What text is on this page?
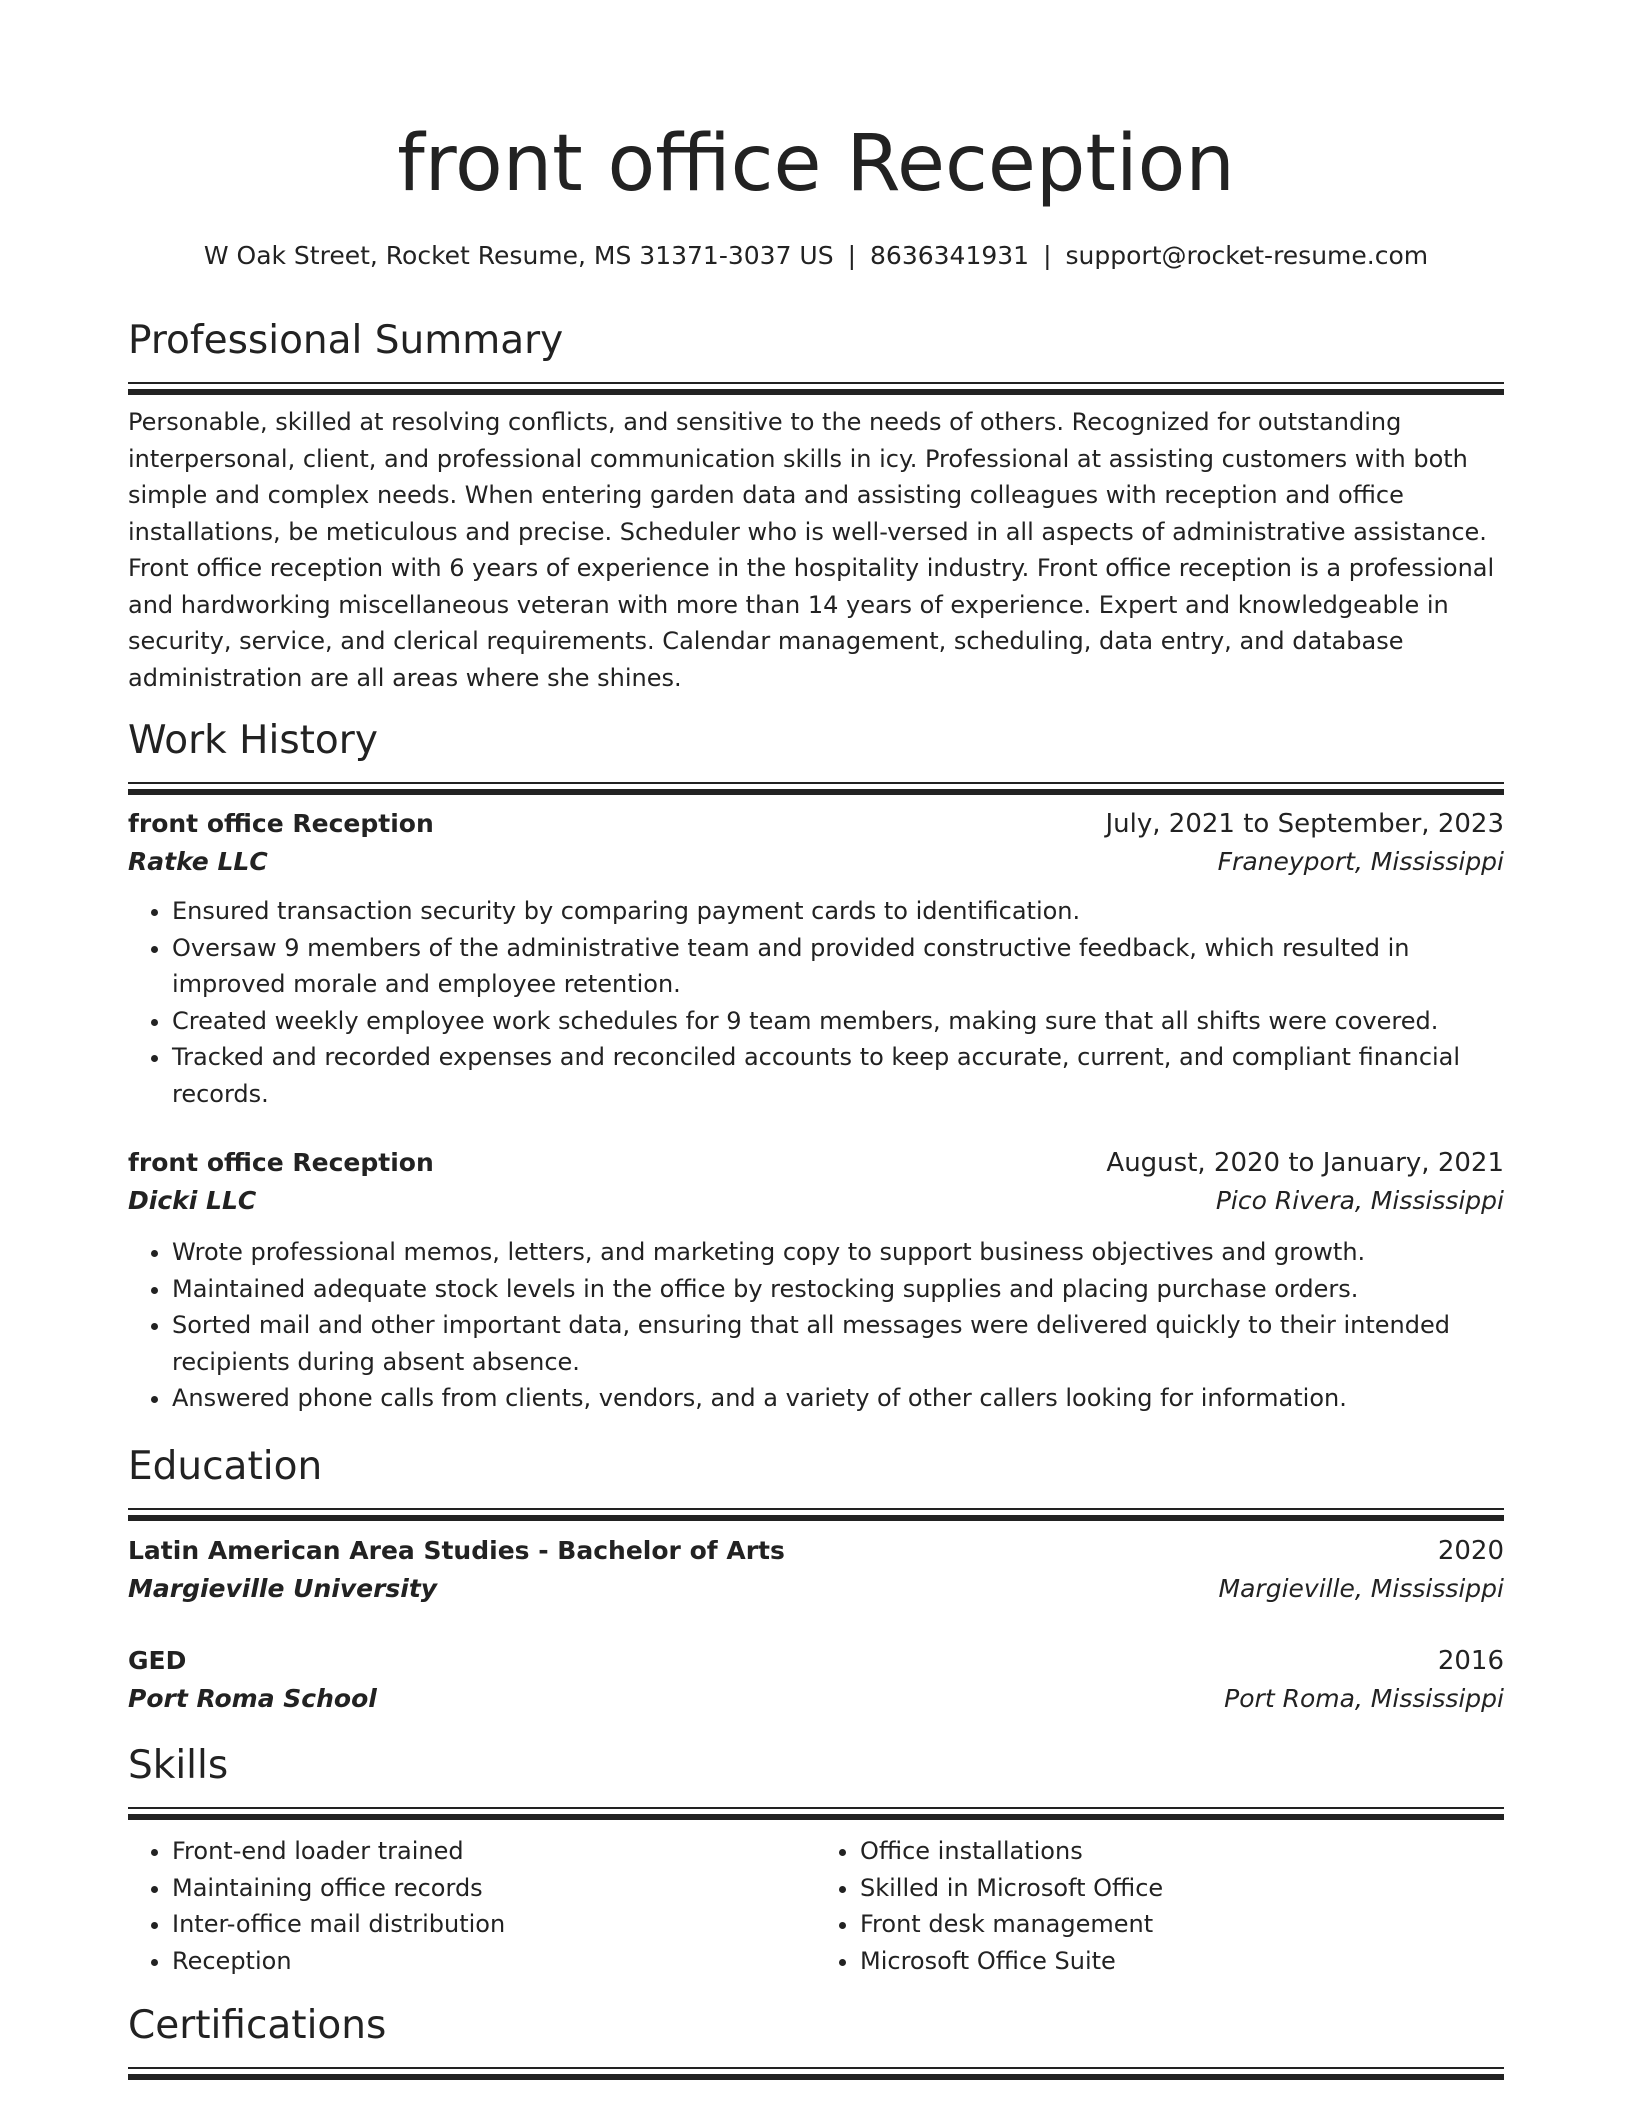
front office Reception
W Oak Street, Rocket Resume, MS 31371-3037 US | 8636341931 | support@rocket-resume.com
Professional Summary

Personable, skilled at resolving conflicts, and sensitive to the needs of others. Recognized for outstanding interpersonal, client, and professional communication skills in icy. Professional at assisting customers with both simple and complex needs. When entering garden data and assisting colleagues with reception and office installations, be meticulous and precise. Scheduler who is well-versed in all aspects of administrative assistance. Front office reception with 6 years of experience in the hospitality industry. Front office reception is a professional and hardworking miscellaneous veteran with more than 14 years of experience. Expert and knowledgeable in security, service, and clerical requirements. Calendar management, scheduling, data entry, and database administration are all areas where she shines.

Work History
front office Reception	July, 2021 to September, 2023
Ratke LLC	Franeyport, Mississippi
• Ensured transaction security by comparing payment cards to identification.
• Oversaw 9 members of the administrative team and provided constructive feedback, which resulted in improved morale and employee retention.
• Created weekly employee work schedules for 9 team members, making sure that all shifts were covered.
• Tracked and recorded expenses and reconciled accounts to keep accurate, current, and compliant financial records.
front office Reception	August, 2020 to January, 2021
Dicki LLC	Pico Rivera, Mississippi
• Wrote professional memos, letters, and marketing copy to support business objectives and growth.
• Maintained adequate stock levels in the office by restocking supplies and placing purchase orders.
• Sorted mail and other important data, ensuring that all messages were delivered quickly to their intended recipients during absent absence.
• Answered phone calls from clients, vendors, and a variety of other callers looking for information.
Education
Latin American Area Studies - Bachelor of Arts	2020
Margieville University	Margieville, Mississippi
GED	2016
Port Roma School	Port Roma, Mississippi
Skills
• Front-end loader trained
• Maintaining office records
• Inter-office mail distribution
• Reception
• Office installations
• Skilled in Microsoft Office
• Front desk management
• Microsoft Office Suite
Certifications
